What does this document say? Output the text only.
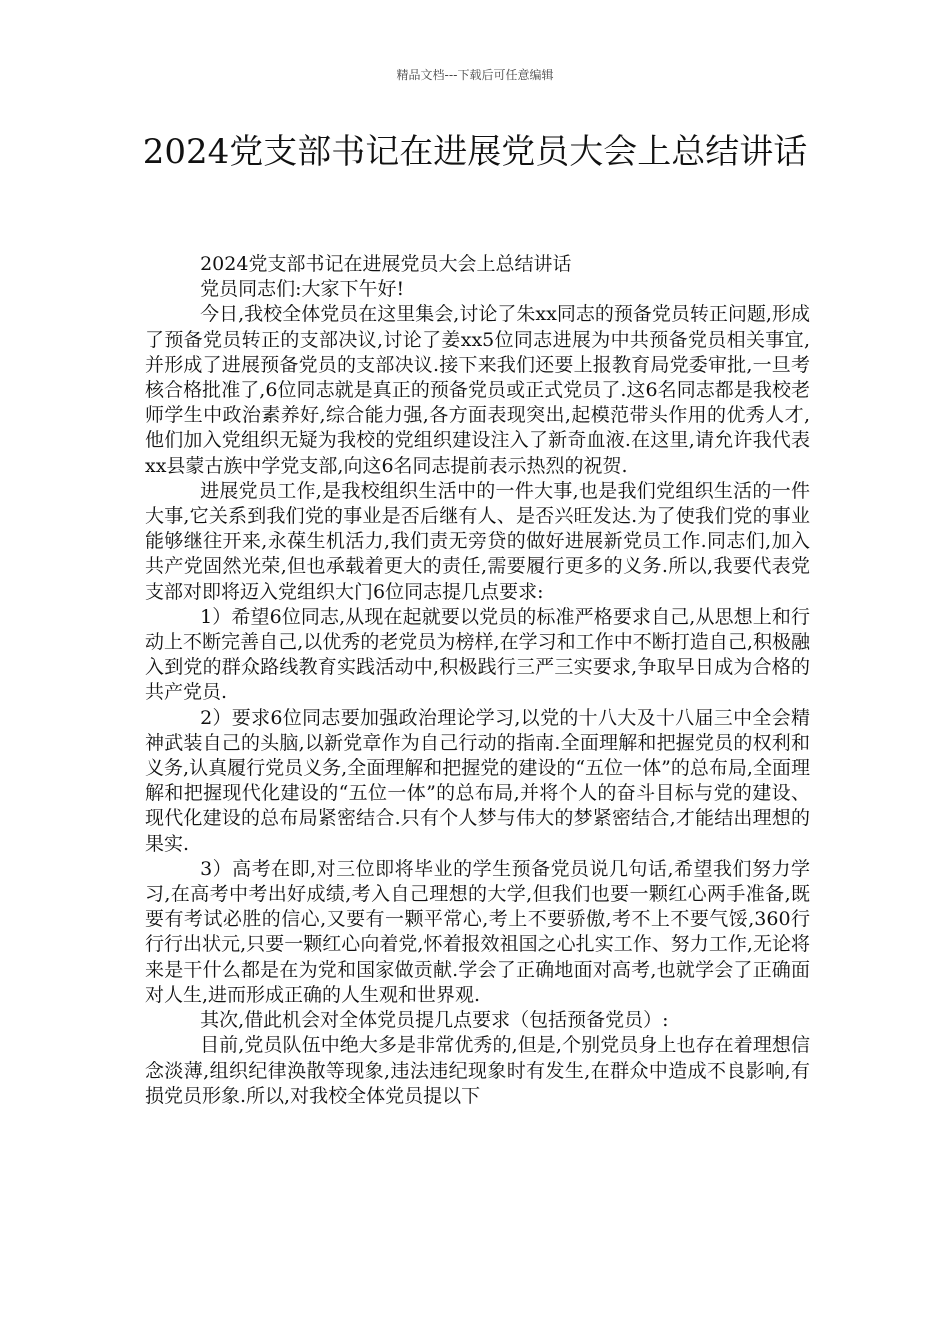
精品文档---下载后可任意编辑
2024党支部书记在进展党员大会上总结讲话

2024党支部书记在进展党员大会上总结讲话

党员同志们:大家下午好!

今日,我校全体党员在这里集会,讨论了朱xx同志的预备党员转正问题,形成了预备党员转正的支部决议,讨论了姜xx5位同志进展为中共预备党员相关事宜,并形成了进展预备党员的支部决议.接下来我们还要上报教育局党委审批,一旦考核合格批准了,6位同志就是真正的预备党员或正式党员了.这6名同志都是我校老师学生中政治素养好,综合能力强,各方面表现突出,起模范带头作用的优秀人才,他们加入党组织无疑为我校的党组织建设注入了新奇血液.在这里,请允许我代表xx县蒙古族中学党支部,向这6名同志提前表示热烈的祝贺.

进展党员工作,是我校组织生活中的一件大事,也是我们党组织生活的一件大事,它关系到我们党的事业是否后继有人、是否兴旺发达.为了使我们党的事业能够继往开来,永葆生机活力,我们责无旁贷的做好进展新党员工作.同志们,加入共产党固然光荣,但也承载着更大的责任,需要履行更多的义务.所以,我要代表党支部对即将迈入党组织大门6位同志提几点要求:

1）希望6位同志,从现在起就要以党员的标准严格要求自己,从思想上和行动上不断完善自己,以优秀的老党员为榜样,在学习和工作中不断打造自己,积极融入到党的群众路线教育实践活动中,积极践行三严三实要求,争取早日成为合格的共产党员.

2）要求6位同志要加强政治理论学习,以党的十八大及十八届三中全会精神武装自己的头脑,以新党章作为自己行动的指南.全面理解和把握党员的权利和义务,认真履行党员义务,全面理解和把握党的建设的“五位一体”的总布局,全面理解和把握现代化建设的“五位一体”的总布局,并将个人的奋斗目标与党的建设、现代化建设的总布局紧密结合.只有个人梦与伟大的梦紧密结合,才能结出理想的果实.

3）高考在即,对三位即将毕业的学生预备党员说几句话,希望我们努力学习,在高考中考出好成绩,考入自己理想的大学,但我们也要一颗红心两手准备,既要有考试必胜的信心,又要有一颗平常心,考上不要骄傲,考不上不要气馁,360行行行出状元,只要一颗红心向着党,怀着报效祖国之心扎实工作、努力工作,无论将来是干什么都是在为党和国家做贡献.学会了正确地面对高考,也就学会了正确面对人生,进而形成正确的人生观和世界观.

其次,借此机会对全体党员提几点要求（包括预备党员）:

目前,党员队伍中绝大多是非常优秀的,但是,个别党员身上也存在着理想信念淡薄,组织纪律涣散等现象,违法违纪现象时有发生,在群众中造成不良影响,有损党员形象.所以,对我校全体党员提以下
